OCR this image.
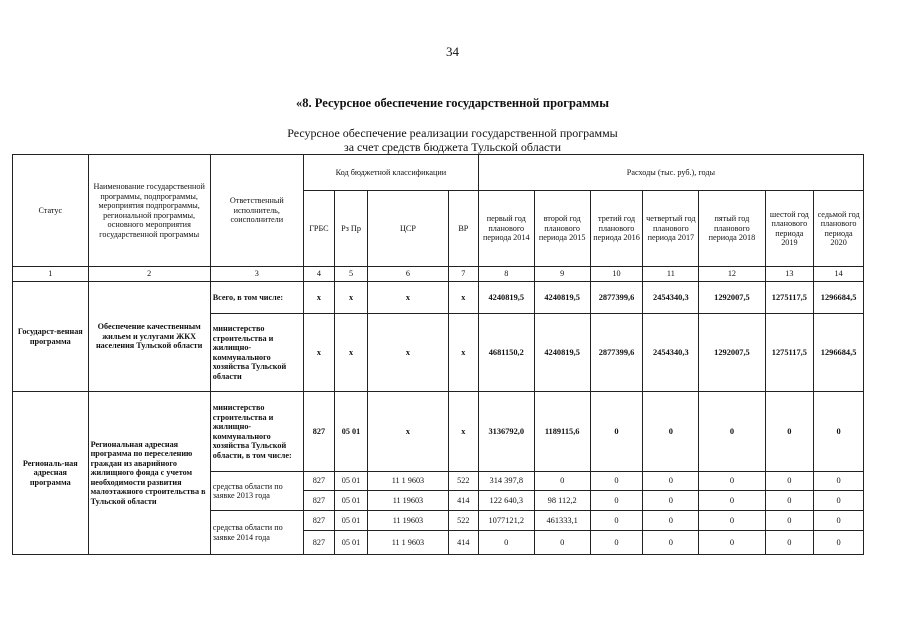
34
«8. Ресурсное обеспечение государственной программы
Ресурсное обеспечение реализации государственной программы
за счет средств бюджета Тульской области
Статус	Наименование государственной программы, подпрограммы, мероприятия подпрограммы, региональной программы, основного мероприятия государственной программы	Ответственный исполнитель, соисполнители	Код бюджетной классификации				Расходы (тыс. руб.), годы						
			ГРБС	Рз Пр	ЦСР	ВР	первый год планового периода 2014	второй год планового периода 2015	третий год планового периода 2016	четвертый год планового периода 2017	пятый год планового периода 2018	шестой год планового периода 2019	седьмой год планового периода 2020
1	2	3	4	5	6	7	8	9	10	11	12	13	14
Государст-венная программа	Обеспечение качественным жильем и услугами ЖКХ населения Тульской области	Всего, в том числе:	x	x	x	x	4240819,5	4240819,5	2877399,6	2454340,3	1292007,5	1275117,5	1296684,5
		министерство строительства и жилищно-коммунального хозяйства Тульской области	x	x	x	x	4681150,2	4240819,5	2877399,6	2454340,3	1292007,5	1275117,5	1296684,5
Региональ-ная адресная программа	Региональная адресная программа по переселению граждан из аварийного жилищного фонда с учетом необходимости развития малоэтажного строительства в Тульской области	министерство строительства и жилищно-коммунального хозяйства Тульской области, в том числе:	827	05 01	x	x	3136792,0	1189115,6	0	0	0	0	0
		средства области по заявке 2013 года	827	05 01	11 1 9603	522	314 397,8	0	0	0	0	0	0
			827	05 01	11 19603	414	122 640,3	98 112,2	0	0	0	0	0
		средства области по заявке 2014 года	827	05 01	11 19603	522	1077121,2	461333,1	0	0	0	0	0
			827	05 01	11 1 9603	414	0	0	0	0	0	0	0
